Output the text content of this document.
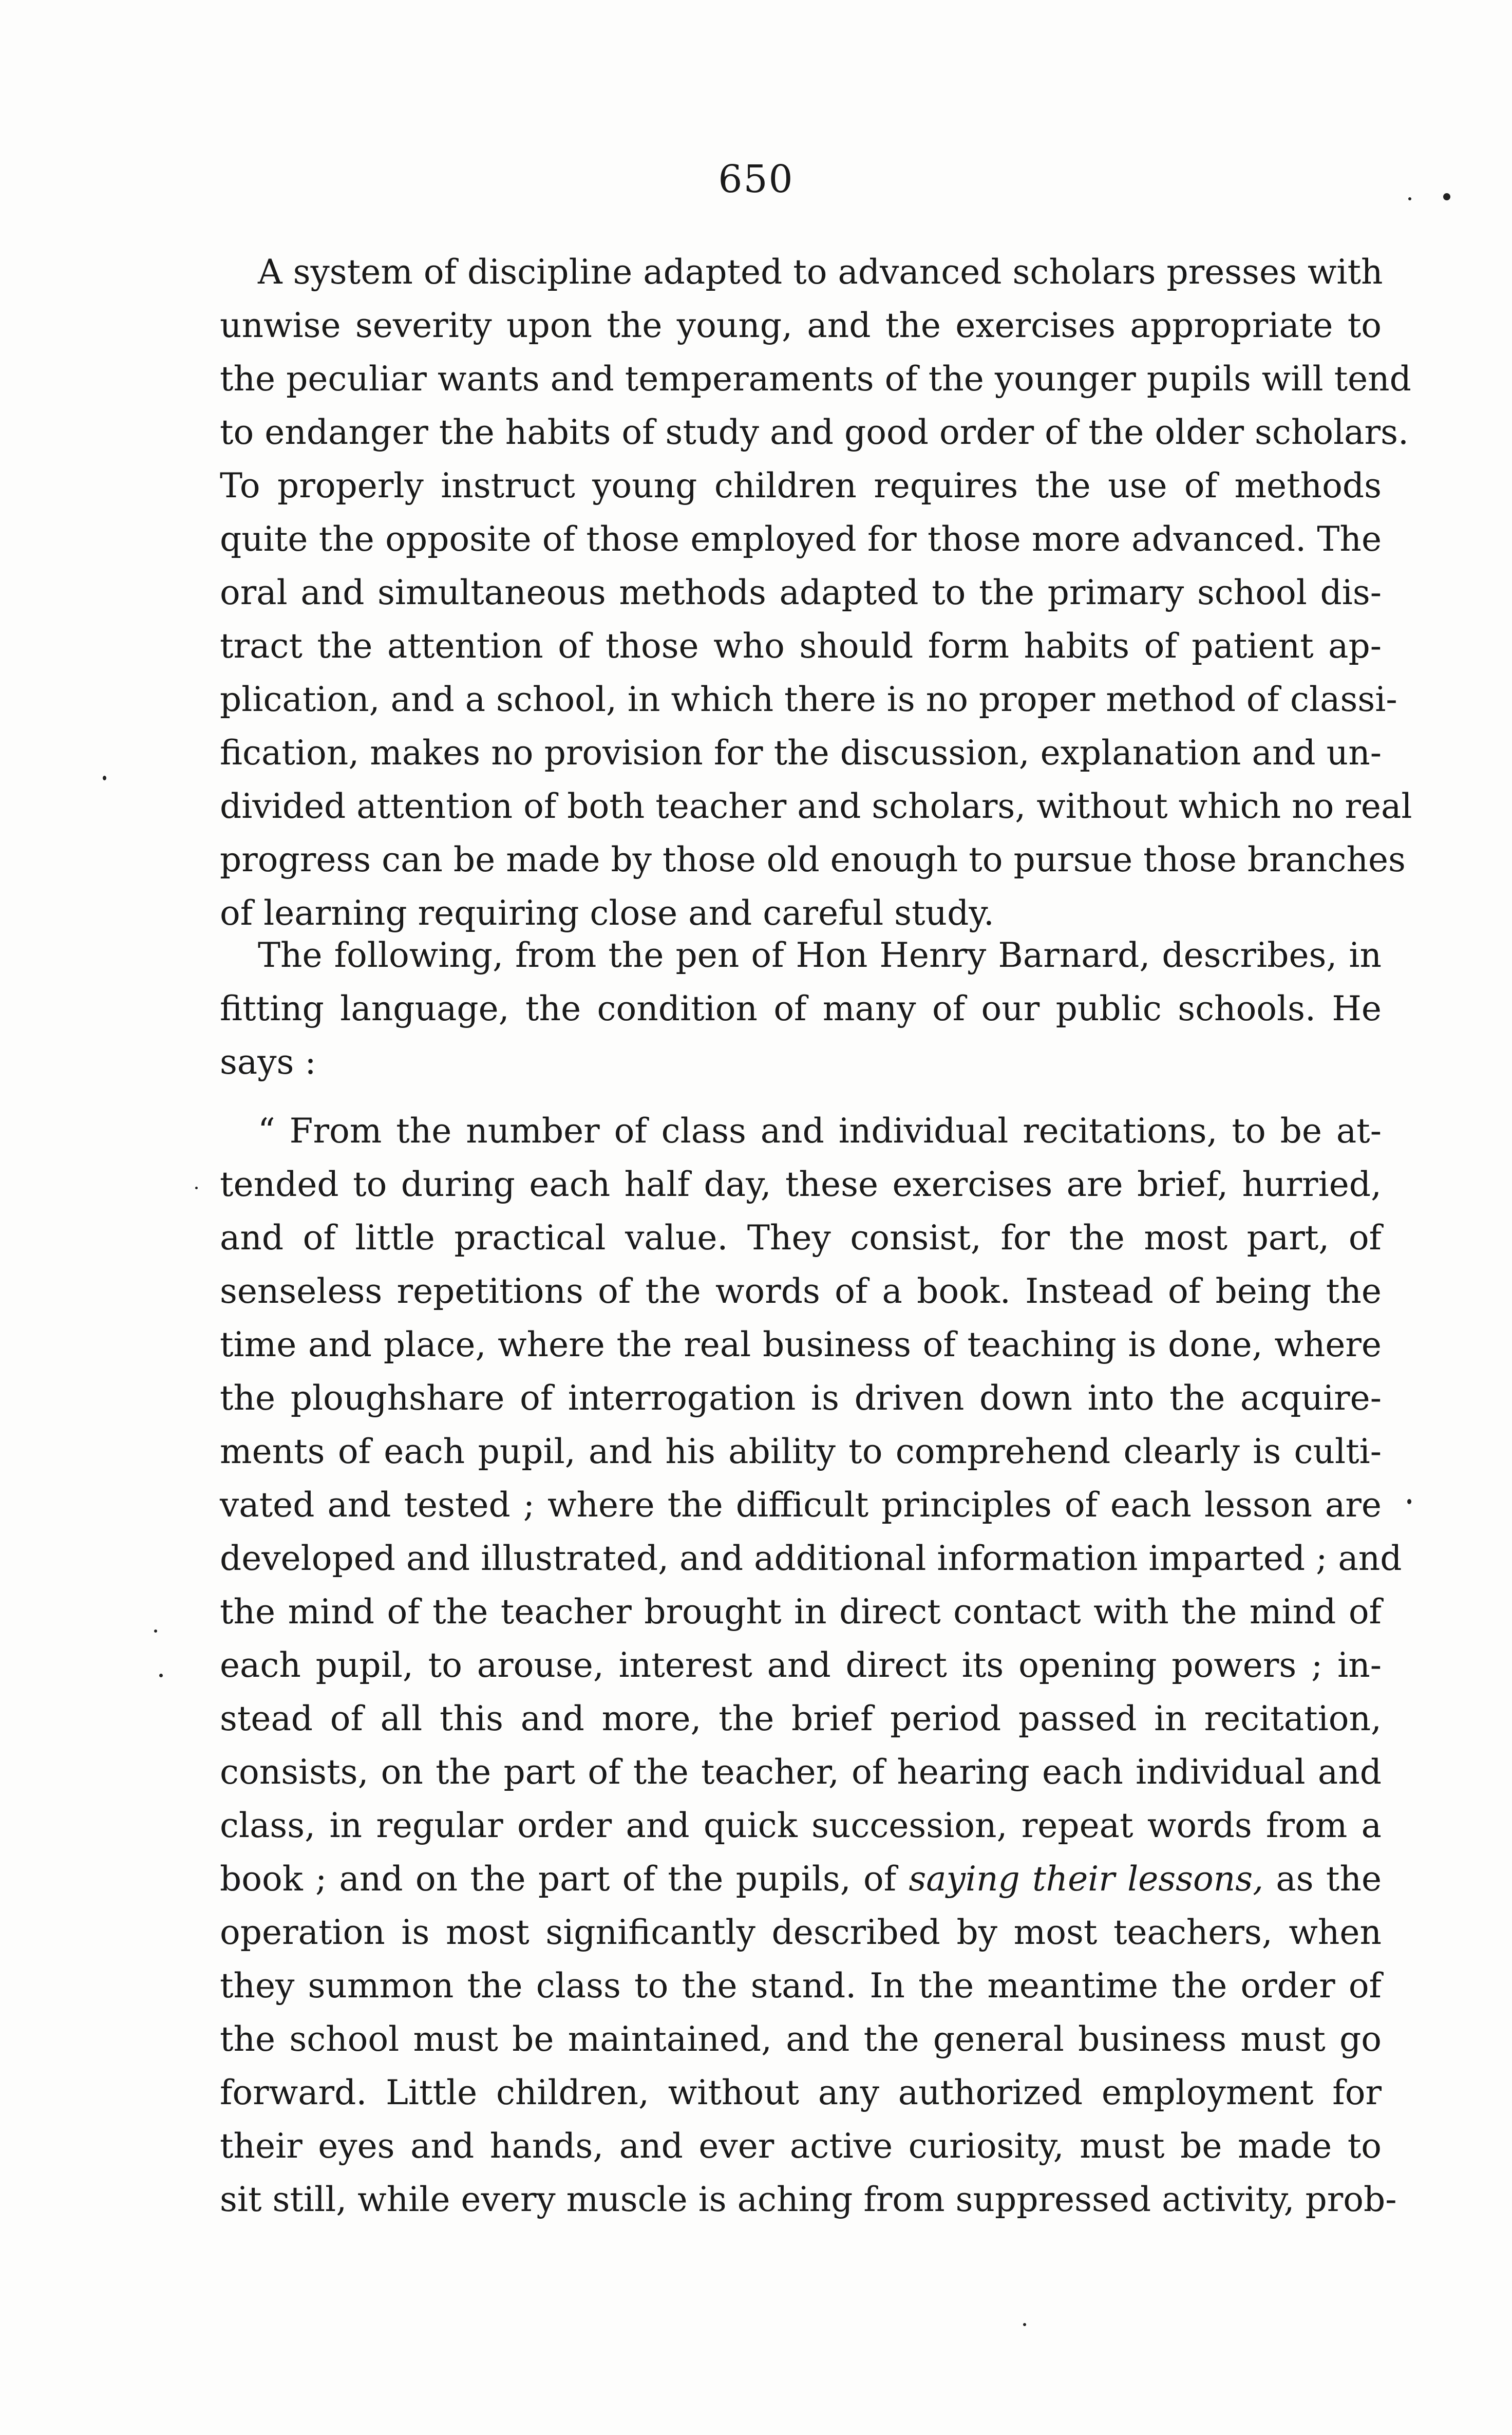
650
A system of discipline adapted to advanced scholars presses with
unwise severity upon the young, and the exercises appropriate to
the peculiar wants and temperaments of the younger pupils will tend
to endanger the habits of study and good order of the older scholars.
To properly instruct young children requires the use of methods
quite the opposite of those employed for those more advanced. The
oral and simultaneous methods adapted to the primary school dis-
tract the attention of those who should form habits of patient ap-
plication, and a school, in which there is no proper method of classi-
fication, makes no provision for the discussion, explanation and un-
divided attention of both teacher and scholars, without which no real
progress can be made by those old enough to pursue those branches
of learning requiring close and careful study.
The following, from the pen of Hon Henry Barnard, describes, in
fitting language, the condition of many of our public schools. He
says :
“ From the number of class and individual recitations, to be at-
tended to during each half day, these exercises are brief, hurried,
and of little practical value. They consist, for the most part, of
senseless repetitions of the words of a book. Instead of being the
time and place, where the real business of teaching is done, where
the ploughshare of interrogation is driven down into the acquire-
ments of each pupil, and his ability to comprehend clearly is culti-
vated and tested ; where the difficult principles of each lesson are
developed and illustrated, and additional information imparted ; and
the mind of the teacher brought in direct contact with the mind of
each pupil, to arouse, interest and direct its opening powers ; in-
stead of all this and more, the brief period passed in recitation,
consists, on the part of the teacher, of hearing each individual and
class, in regular order and quick succession, repeat words from a
book ; and on the part of the pupils, of saying their lessons, as the
operation is most significantly described by most teachers, when
they summon the class to the stand. In the meantime the order of
the school must be maintained, and the general business must go
forward. Little children, without any authorized employment for
their eyes and hands, and ever active curiosity, must be made to
sit still, while every muscle is aching from suppressed activity, prob-
